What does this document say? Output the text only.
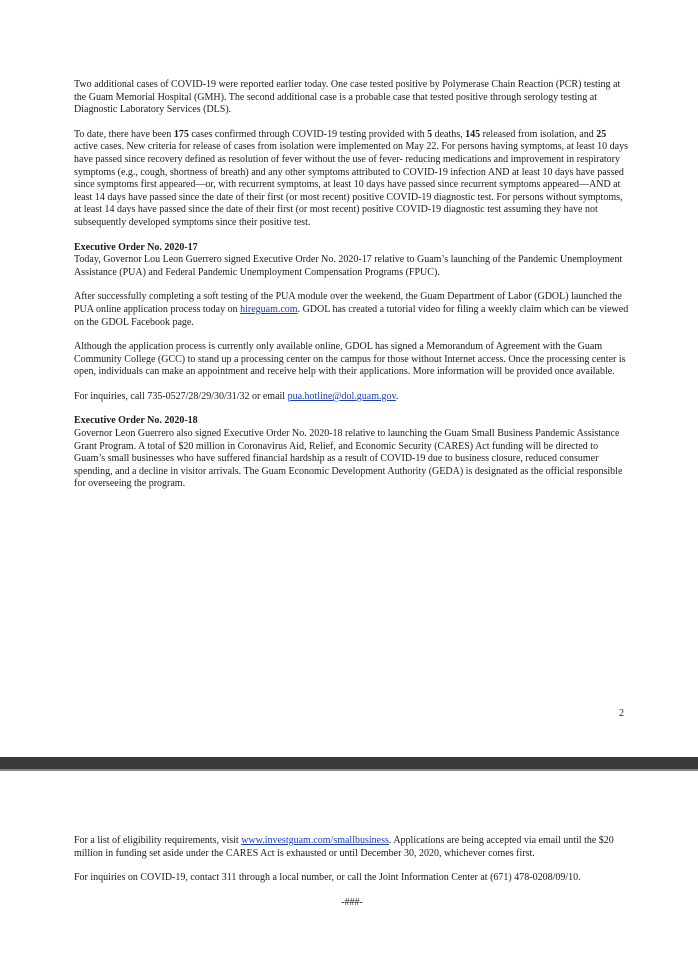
Two additional cases of COVID-19 were reported earlier today. One case tested positive by Polymerase Chain Reaction (PCR) testing at the Guam Memorial Hospital (GMH). The second additional case is a probable case that tested positive through serology testing at Diagnostic Laboratory Services (DLS).

To date, there have been 175 cases confirmed through COVID-19 testing provided with 5 deaths, 145 released from isolation, and 25 active cases. New criteria for release of cases from isolation were implemented on May 22. For persons having symptoms, at least 10 days have passed since recovery defined as resolution of fever without the use of fever- reducing medications and improvement in respiratory symptoms (e.g., cough, shortness of breath) and any other symptoms attributed to COVID-19 infection AND at least 10 days have passed since symptoms first appeared—or, with recurrent symptoms, at least 10 days have passed since recurrent symptoms appeared—AND at least 14 days have passed since the date of their first (or most recent) positive COVID-19 diagnostic test. For persons without symptoms, at least 14 days have passed since the date of their first (or most recent) positive COVID-19 diagnostic test assuming they have not subsequently developed symptoms since their positive test.

Executive Order No. 2020-17
Today, Governor Lou Leon Guerrero signed Executive Order No. 2020-17 relative to Guam’s launching of the Pandemic Unemployment Assistance (PUA) and Federal Pandemic Unemployment Compensation Programs (FPUC).

After successfully completing a soft testing of the PUA module over the weekend, the Guam Department of Labor (GDOL) launched the PUA online application process today on hireguam.com. GDOL has created a tutorial video for filing a weekly claim which can be viewed on the GDOL Facebook page.

Although the application process is currently only available online, GDOL has signed a Memorandum of Agreement with the Guam Community College (GCC) to stand up a processing center on the campus for those without Internet access. Once the processing center is open, individuals can make an appointment and receive help with their applications. More information will be provided once available.

For inquiries, call 735-0527/28/29/30/31/32 or email pua.hotline@dol.guam.gov.

Executive Order No. 2020-18
Governor Leon Guerrero also signed Executive Order No. 2020-18 relative to launching the Guam Small Business Pandemic Assistance Grant Program. A total of $20 million in Coronavirus Aid, Relief, and Economic Security (CARES) Act funding will be directed to Guam’s small businesses who have suffered financial hardship as a result of COVID-19 due to business closure, reduced consumer spending, and a decline in visitor arrivals. The Guam Economic Development Authority (GEDA) is designated as the official responsible for overseeing the program.

2

For a list of eligibility requirements, visit www.investguam.com/smallbusiness. Applications are being accepted via email until the $20 million in funding set aside under the CARES Act is exhausted or until December 30, 2020, whichever comes first.

For inquiries on COVID-19, contact 311 through a local number, or call the Joint Information Center at (671) 478-0208/09/10.

-###-
